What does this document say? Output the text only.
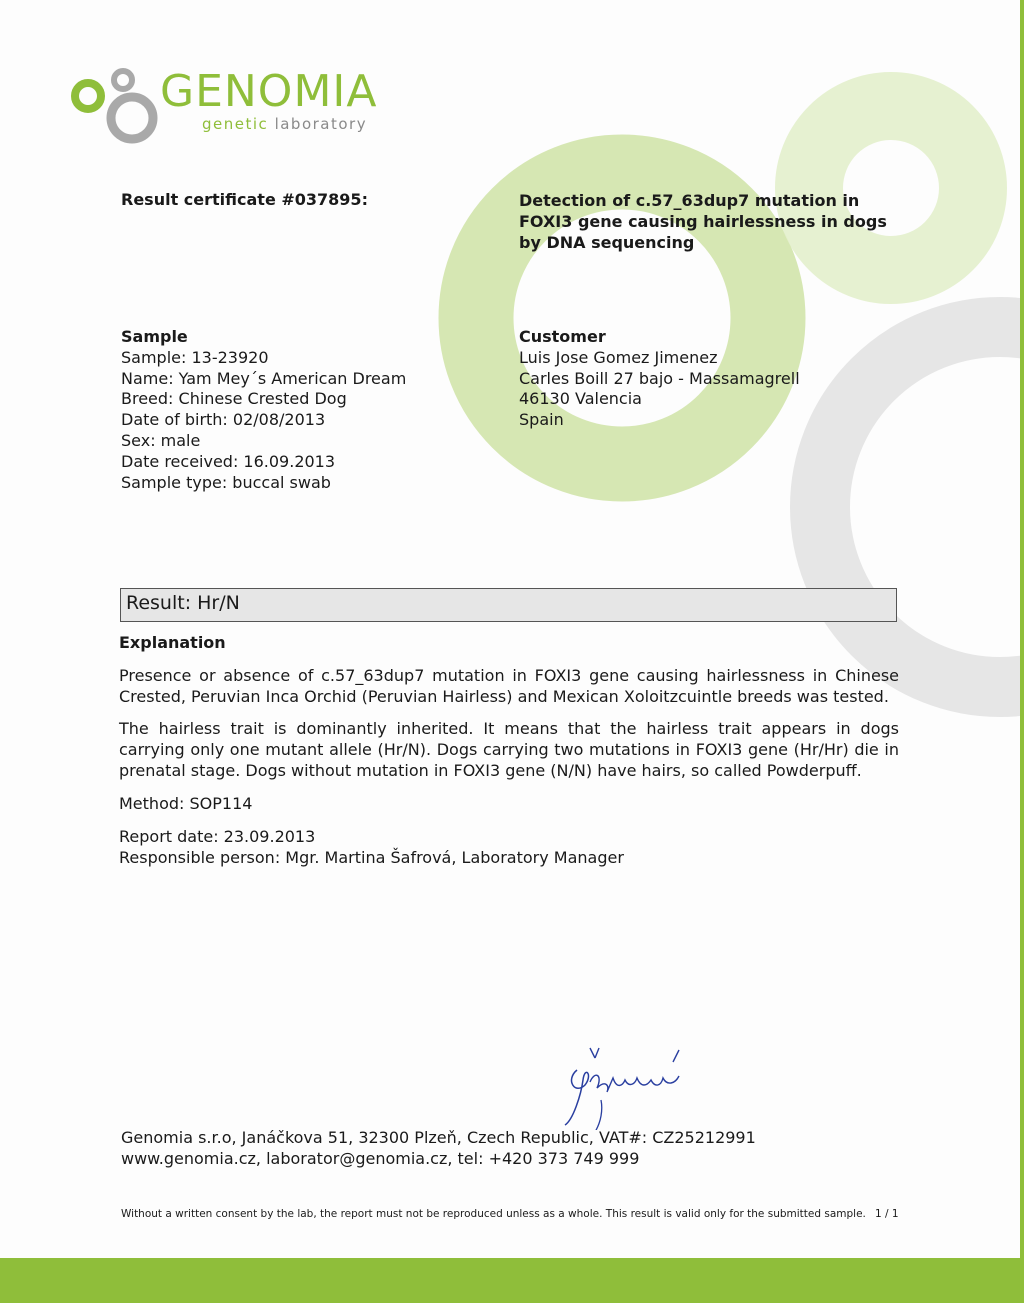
GENOMIA
genetic laboratory
Result certificate #037895:	Detection of c.57_63dup7 mutation in FOXI3 gene causing hairlessness in dogs by DNA sequencing
Sample
Sample: 13-23920
Name: Yam Mey´s American Dream
Breed: Chinese Crested Dog
Date of birth: 02/08/2013
Sex: male
Date received: 16.09.2013
Sample type: buccal swab
Customer
Luis Jose Gomez Jimenez
Carles Boill 27 bajo - Massamagrell
46130 Valencia
Spain
Result: Hr/N
Explanation
Presence or absence of c.57_63dup7 mutation in FOXI3 gene causing hairlessness in Chinese Crested, Peruvian Inca Orchid (Peruvian Hairless) and Mexican Xoloitzcuintle breeds was tested.
The hairless trait is dominantly inherited. It means that the hairless trait appears in dogs carrying only one mutant allele (Hr/N). Dogs carrying two mutations in FOXI3 gene (Hr/Hr) die in prenatal stage. Dogs without mutation in FOXI3 gene (N/N) have hairs, so called Powderpuff.
Method: SOP114
Report date: 23.09.2013
Responsible person: Mgr. Martina Šafrová, Laboratory Manager
Genomia s.r.o, Janáčkova 51, 32300 Plzeň, Czech Republic, VAT#: CZ25212991
www.genomia.cz, laborator@genomia.cz, tel: +420 373 749 999
Without a written consent by the lab, the report must not be reproduced unless as a whole. This result is valid only for the submitted sample. 1 / 1
